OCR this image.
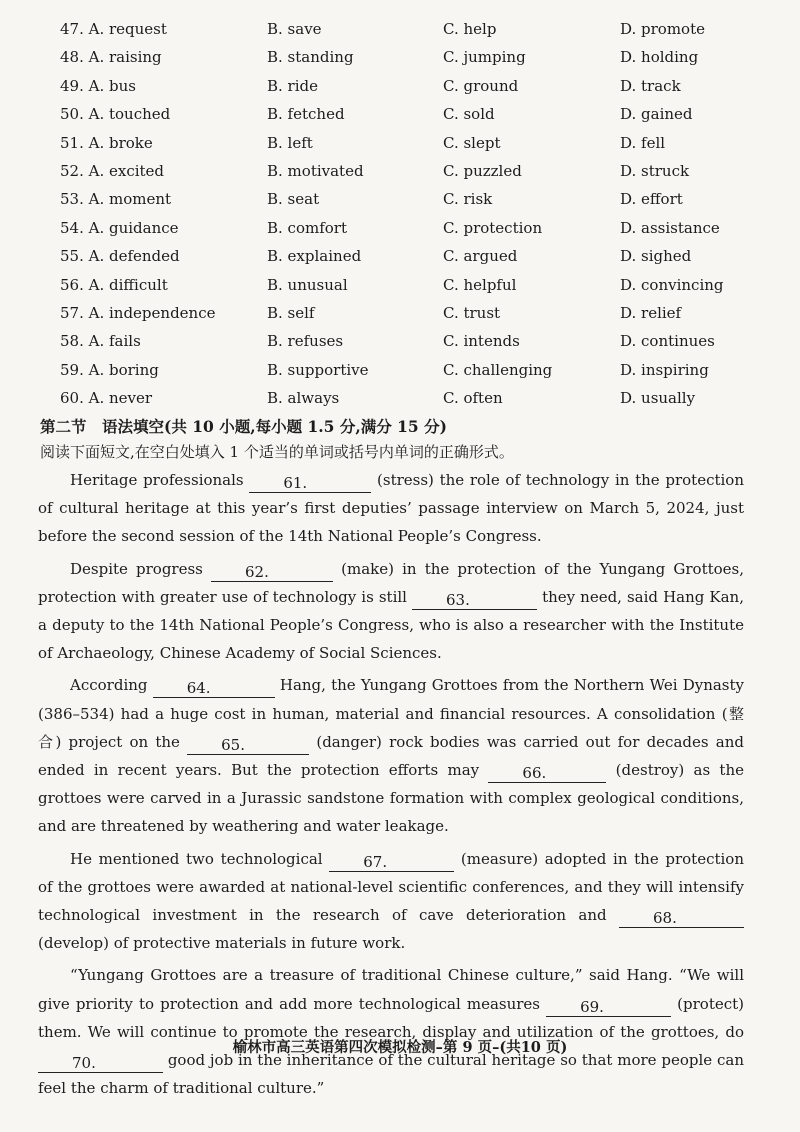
47. A. request	B. save	C. help	D. promote
48. A. raising	B. standing	C. jumping	D. holding
49. A. bus	B. ride	C. ground	D. track
50. A. touched	B. fetched	C. sold	D. gained
51. A. broke	B. left	C. slept	D. fell
52. A. excited	B. motivated	C. puzzled	D. struck
53. A. moment	B. seat	C. risk	D. effort
54. A. guidance	B. comfort	C. protection	D. assistance
55. A. defended	B. explained	C. argued	D. sighed
56. A. difficult	B. unusual	C. helpful	D. convincing
57. A. independence	B. self	C. trust	D. relief
58. A. fails	B. refuses	C. intends	D. continues
59. A. boring	B. supportive	C. challenging	D. inspiring
60. A. never	B. always	C. often	D. usually
第二节　语法填空(共 10 小题,每小题 1.5 分,满分 15 分)
阅读下面短文,在空白处填入 1 个适当的单词或括号内单词的正确形式。

Heritage professionals 61.	(stress) the role of technology in the protection of cultural heritage at this year’s first deputies’ passage interview on March 5, 2024, just before the second session of the 14th National People’s Congress.

Despite progress 62.	(make) in the protection of the Yungang Grottoes, protection with greater use of technology is still 63.	they need, said Hang Kan, a deputy to the 14th National People’s Congress, who is also a researcher with the Institute of Archaeology, Chinese Academy of Social Sciences.

According 64.	Hang, the Yungang Grottoes from the Northern Wei Dynasty (386–534) had a huge cost in human, material and financial resources. A consolidation (整合) project on the 65.	(danger) rock bodies was carried out for decades and ended in recent years. But the protection efforts may 66.	(destroy) as the grottoes were carved in a Jurassic sandstone formation with complex geological conditions, and are threatened by weathering and water leakage.

He mentioned two technological 67.	(measure) adopted in the protection of the grottoes were awarded at national-level scientific conferences, and they will intensify technological investment in the research of cave deterioration and 68. (develop) of protective materials in future work.

“Yungang Grottoes are a treasure of traditional Chinese culture,” said Hang. “We will give priority to protection and add more technological measures 69.	(protect) them. We will continue to promote the research, display and utilization of the grottoes, do 70.	good job in the inheritance of the cultural heritage so that more people can feel the charm of traditional culture.”

榆林市高三英语第四次模拟检测–第 9 页–(共10 页)
